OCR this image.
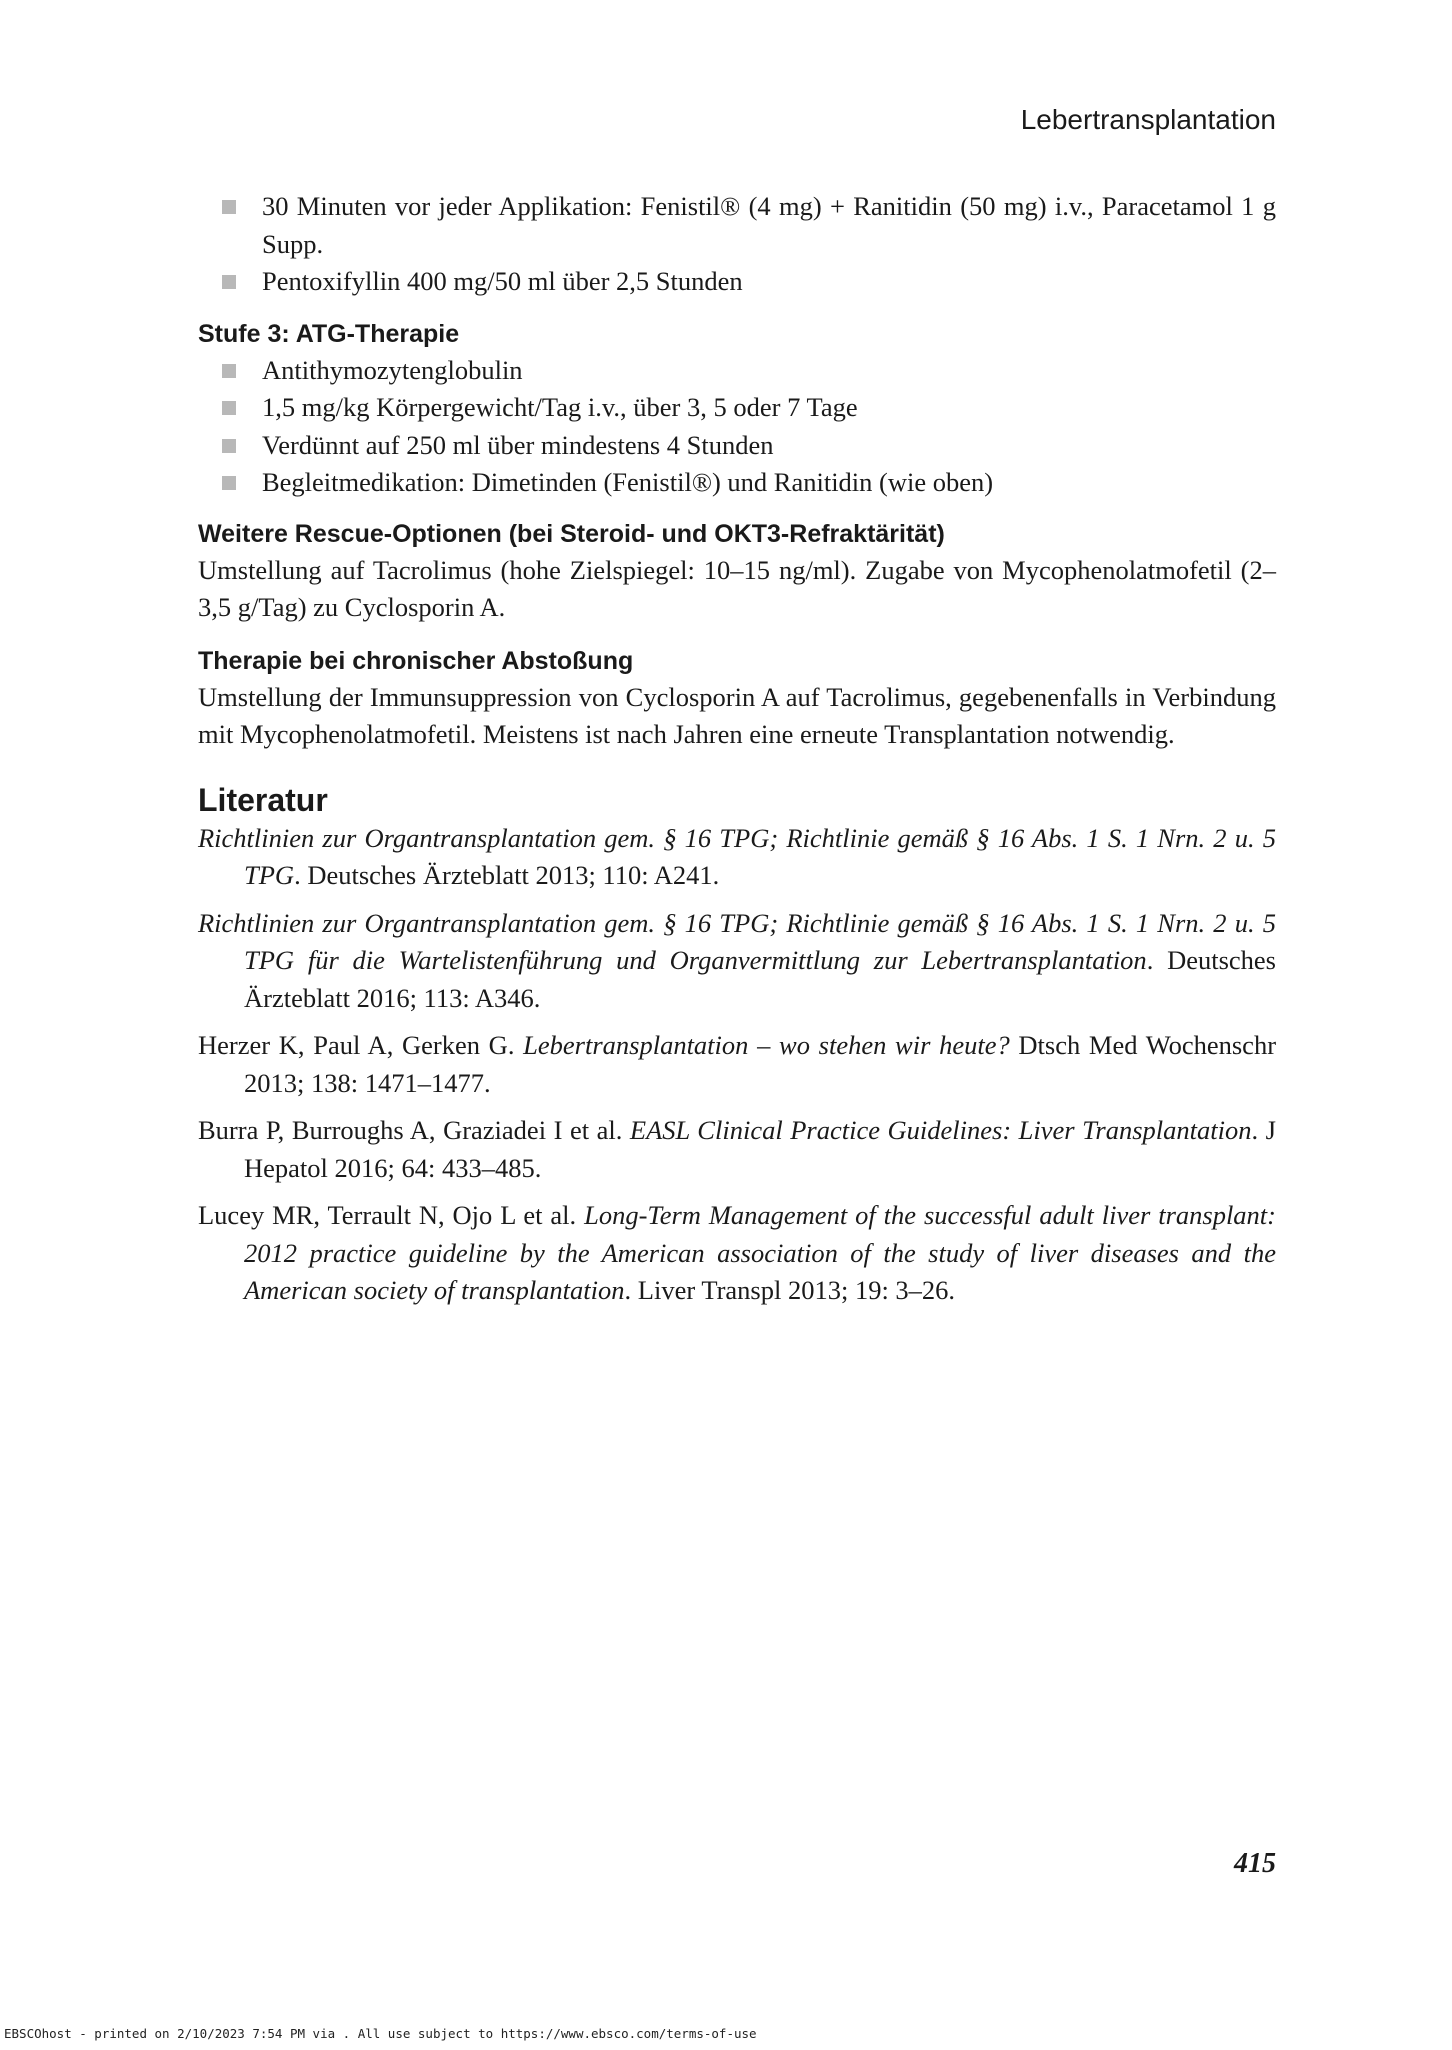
Lebertransplantation
30 Minuten vor jeder Applikation: Fenistil® (4 mg) + Ranitidin (50 mg) i.v., Paracetamol 1 g Supp.
Pentoxifyllin 400 mg/50 ml über 2,5 Stunden
Stufe 3: ATG-Therapie
Antithymozytenglobulin
1,5 mg/kg Körpergewicht/Tag i.v., über 3, 5 oder 7 Tage
Verdünnt auf 250 ml über mindestens 4 Stunden
Begleitmedikation: Dimetinden (Fenistil®) und Ranitidin (wie oben)
Weitere Rescue-Optionen (bei Steroid- und OKT3-Refraktärität)
Umstellung auf Tacrolimus (hohe Zielspiegel: 10–15 ng/ml). Zugabe von Mycophenolatmofetil (2–3,5 g/Tag) zu Cyclosporin A.
Therapie bei chronischer Abstoßung
Umstellung der Immunsuppression von Cyclosporin A auf Tacrolimus, gegebenenfalls in Verbindung mit Mycophenolatmofetil. Meistens ist nach Jahren eine erneute Transplantation notwendig.
Literatur
Richtlinien zur Organtransplantation gem. § 16 TPG; Richtlinie gemäß § 16 Abs. 1 S. 1 Nrn. 2 u. 5 TPG. Deutsches Ärzteblatt 2013; 110: A241.
Richtlinien zur Organtransplantation gem. § 16 TPG; Richtlinie gemäß § 16 Abs. 1 S. 1 Nrn. 2 u. 5 TPG für die Wartelistenführung und Organvermittlung zur Lebertransplantation. Deutsches Ärzteblatt 2016; 113: A346.
Herzer K, Paul A, Gerken G. Lebertransplantation – wo stehen wir heute? Dtsch Med Wochenschr 2013; 138: 1471–1477.
Burra P, Burroughs A, Graziadei I et al. EASL Clinical Practice Guidelines: Liver Transplantation. J Hepatol 2016; 64: 433–485.
Lucey MR, Terrault N, Ojo L et al. Long-Term Management of the successful adult liver transplant: 2012 practice guideline by the American association of the study of liver diseases and the American society of transplantation. Liver Transpl 2013; 19: 3–26.
415
EBSCOhost - printed on 2/10/2023 7:54 PM via . All use subject to https://www.ebsco.com/terms-of-use
